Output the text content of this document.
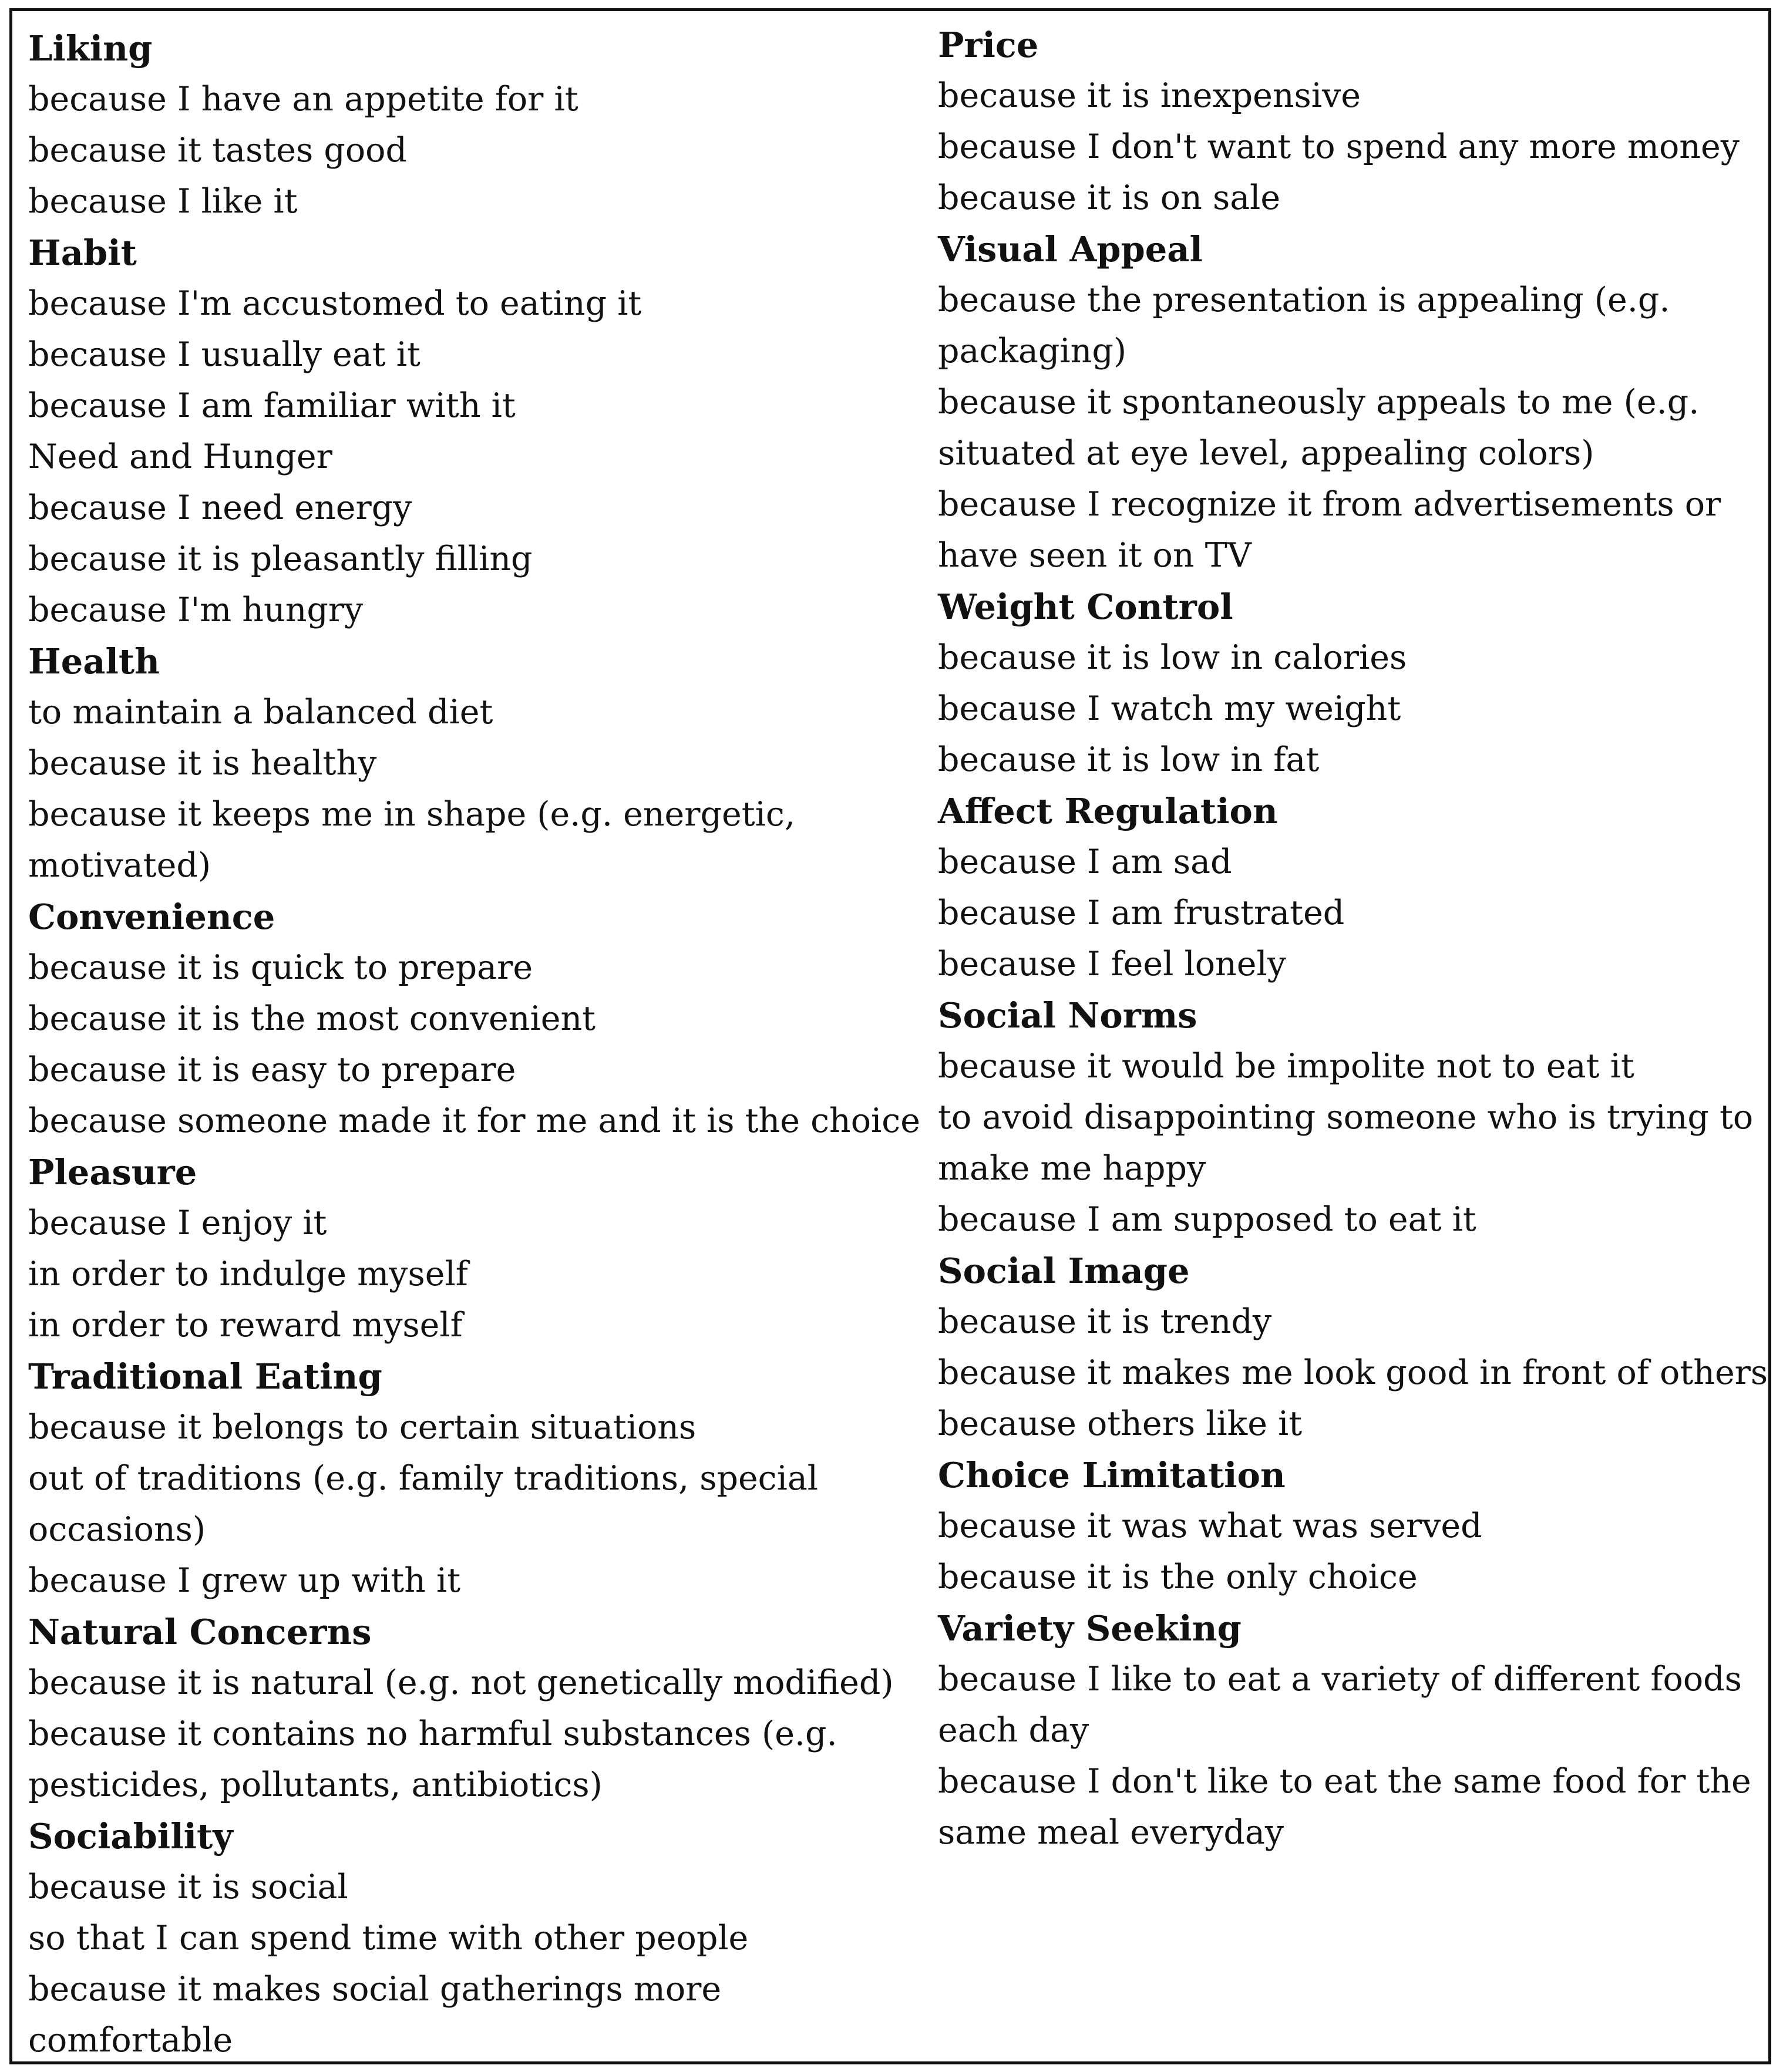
Liking
because I have an appetite for it
because it tastes good
because I like it
Habit
because I'm accustomed to eating it
because I usually eat it
because I am familiar with it
Need and Hunger
because I need energy
because it is pleasantly filling
because I'm hungry
Health
to maintain a balanced diet
because it is healthy
because it keeps me in shape (e.g. energetic,
motivated)
Convenience
because it is quick to prepare
because it is the most convenient
because it is easy to prepare
because someone made it for me and it is the choice
Pleasure
because I enjoy it
in order to indulge myself
in order to reward myself
Traditional Eating
because it belongs to certain situations
out of traditions (e.g. family traditions, special
occasions)
because I grew up with it
Natural Concerns
because it is natural (e.g. not genetically modified)
because it contains no harmful substances (e.g.
pesticides, pollutants, antibiotics)
Sociability
because it is social
so that I can spend time with other people
because it makes social gatherings more
comfortable
Price
because it is inexpensive
because I don't want to spend any more money
because it is on sale
Visual Appeal
because the presentation is appealing (e.g.
packaging)
because it spontaneously appeals to me (e.g.
situated at eye level, appealing colors)
because I recognize it from advertisements or
have seen it on TV
Weight Control
because it is low in calories
because I watch my weight
because it is low in fat
Affect Regulation
because I am sad
because I am frustrated
because I feel lonely
Social Norms
because it would be impolite not to eat it
to avoid disappointing someone who is trying to
make me happy
because I am supposed to eat it
Social Image
because it is trendy
because it makes me look good in front of others
because others like it
Choice Limitation
because it was what was served
because it is the only choice
Variety Seeking
because I like to eat a variety of different foods
each day
because I don't like to eat the same food for the
same meal everyday
